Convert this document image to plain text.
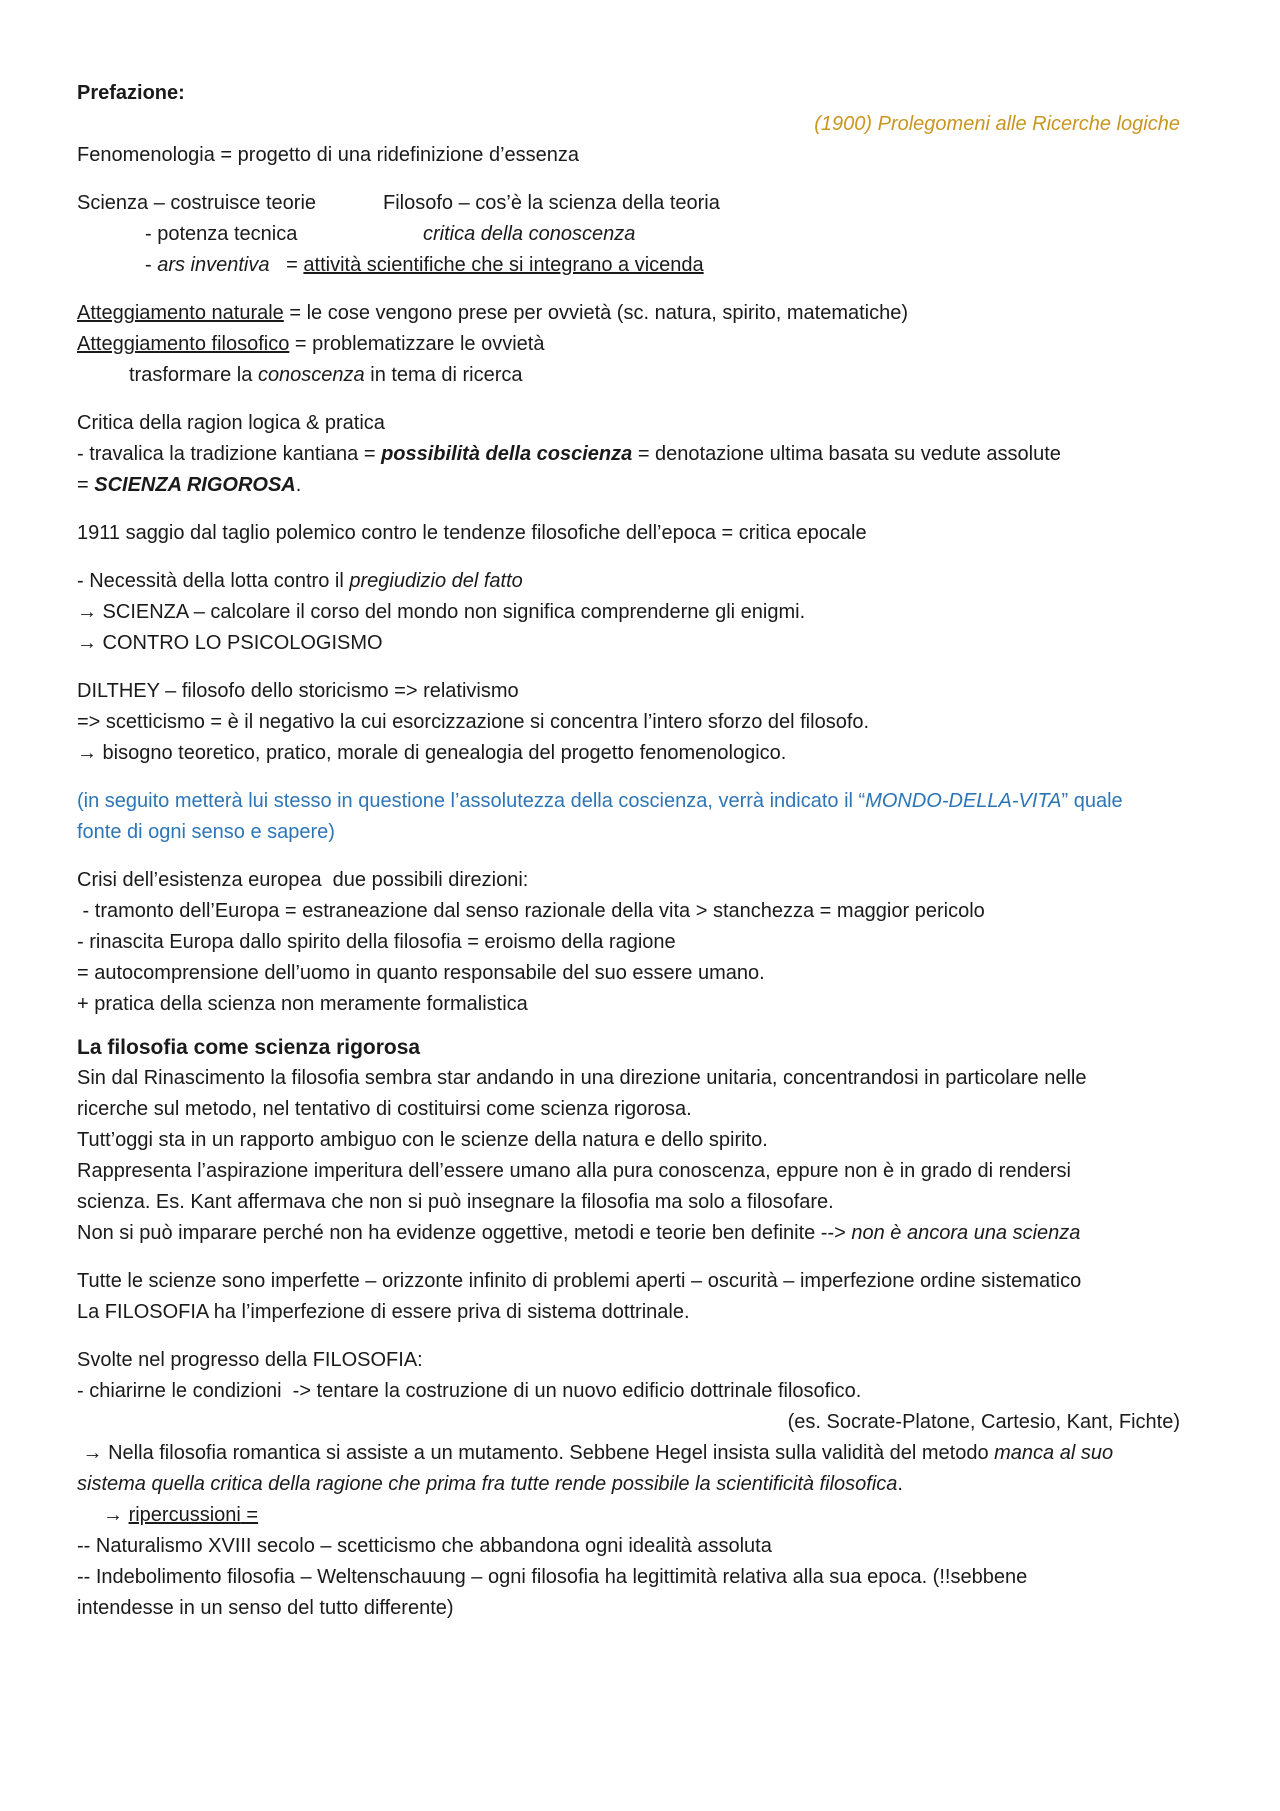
Prefazione:
(1900) Prolegomeni alle Ricerche logiche
Fenomenologia = progetto di una ridefinizione d’essenza
Scienza – costruisce teorie	Filosofo – cos’è la scienza della teoria
- potenza tecnica	critica della conoscenza
- ars inventiva   = attività scientifiche che si integrano a vicenda
Atteggiamento naturale = le cose vengono prese per ovvietà (sc. natura, spirito, matematiche)
Atteggiamento filosofico = problematizzare le ovvietà
trasformare la conoscenza in tema di ricerca
Critica della ragion logica & pratica
- travalica la tradizione kantiana = possibilità della coscienza = denotazione ultima basata su vedute assolute
= SCIENZA RIGOROSA.
1911 saggio dal taglio polemico contro le tendenze filosofiche dell’epoca = critica epocale
- Necessità della lotta contro il pregiudizio del fatto
→ SCIENZA – calcolare il corso del mondo non significa comprenderne gli enigmi.
→ CONTRO LO PSICOLOGISMO
DILTHEY – filosofo dello storicismo => relativismo
=> scetticismo = è il negativo la cui esorcizzazione si concentra l’intero sforzo del filosofo.
→ bisogno teoretico, pratico, morale di genealogia del progetto fenomenologico.
(in seguito metterà lui stesso in questione l’assolutezza della coscienza, verrà indicato il “MONDO-DELLA-VITA” quale
fonte di ogni senso e sapere)
Crisi dell’esistenza europea  due possibili direzioni:
- tramonto dell’Europa = estraneazione dal senso razionale della vita > stanchezza = maggior pericolo
- rinascita Europa dallo spirito della filosofia = eroismo della ragione
= autocomprensione dell’uomo in quanto responsabile del suo essere umano.
+ pratica della scienza non meramente formalistica
La filosofia come scienza rigorosa
Sin dal Rinascimento la filosofia sembra star andando in una direzione unitaria, concentrandosi in particolare nelle
ricerche sul metodo, nel tentativo di costituirsi come scienza rigorosa.
Tutt’oggi sta in un rapporto ambiguo con le scienze della natura e dello spirito.
Rappresenta l’aspirazione imperitura dell’essere umano alla pura conoscenza, eppure non è in grado di rendersi
scienza. Es. Kant affermava che non si può insegnare la filosofia ma solo a filosofare.
Non si può imparare perché non ha evidenze oggettive, metodi e teorie ben definite --> non è ancora una scienza
Tutte le scienze sono imperfette – orizzonte infinito di problemi aperti – oscurità – imperfezione ordine sistematico
La FILOSOFIA ha l’imperfezione di essere priva di sistema dottrinale.
Svolte nel progresso della FILOSOFIA:
- chiarirne le condizioni  -> tentare la costruzione di un nuovo edificio dottrinale filosofico.
(es. Socrate-Platone, Cartesio, Kant, Fichte)
→ Nella filosofia romantica si assiste a un mutamento. Sebbene Hegel insista sulla validità del metodo manca al suo
sistema quella critica della ragione che prima fra tutte rende possibile la scientificità filosofica.
→ ripercussioni =
-- Naturalismo XVIII secolo – scetticismo che abbandona ogni idealità assoluta
-- Indebolimento filosofia – Weltenschauung – ogni filosofia ha legittimità relativa alla sua epoca. (!!sebbene
intendesse in un senso del tutto differente)
